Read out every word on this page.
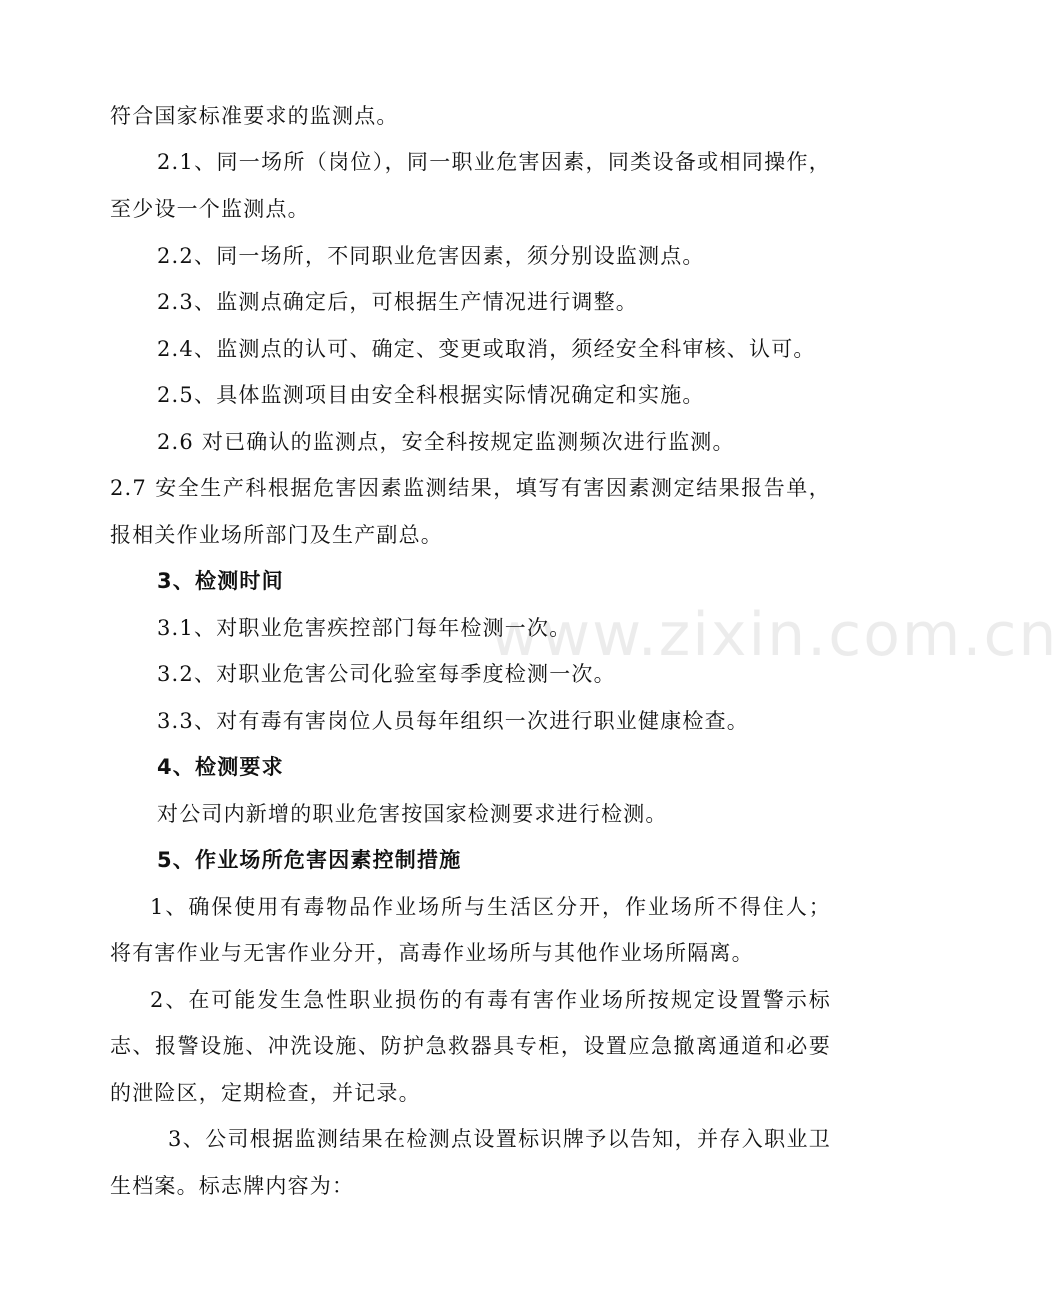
www.zixin.com.cn
符合国家标准要求的监测点。
2.1、同一场所（岗位），同一职业危害因素，同类设备或相同操作，
至少设一个监测点。
2.2、同一场所，不同职业危害因素，须分别设监测点。
2.3、监测点确定后，可根据生产情况进行调整。
2.4、监测点的认可、确定、变更或取消，须经安全科审核、认可。
2.5、具体监测项目由安全科根据实际情况确定和实施。
2.6 对已确认的监测点，安全科按规定监测频次进行监测。
2.7 安全生产科根据危害因素监测结果，填写有害因素测定结果报告单，
报相关作业场所部门及生产副总。
3、检测时间
3.1、对职业危害疾控部门每年检测一次。
3.2、对职业危害公司化验室每季度检测一次。
3.3、对有毒有害岗位人员每年组织一次进行职业健康检查。
4、检测要求
对公司内新增的职业危害按国家检测要求进行检测。
5、作业场所危害因素控制措施
1、确保使用有毒物品作业场所与生活区分开，作业场所不得住人；
将有害作业与无害作业分开，高毒作业场所与其他作业场所隔离。
2、在可能发生急性职业损伤的有毒有害作业场所按规定设置警示标
志、报警设施、冲洗设施、防护急救器具专柜，设置应急撤离通道和必要
的泄险区，定期检查，并记录。
3、公司根据监测结果在检测点设置标识牌予以告知，并存入职业卫
生档案。标志牌内容为：
